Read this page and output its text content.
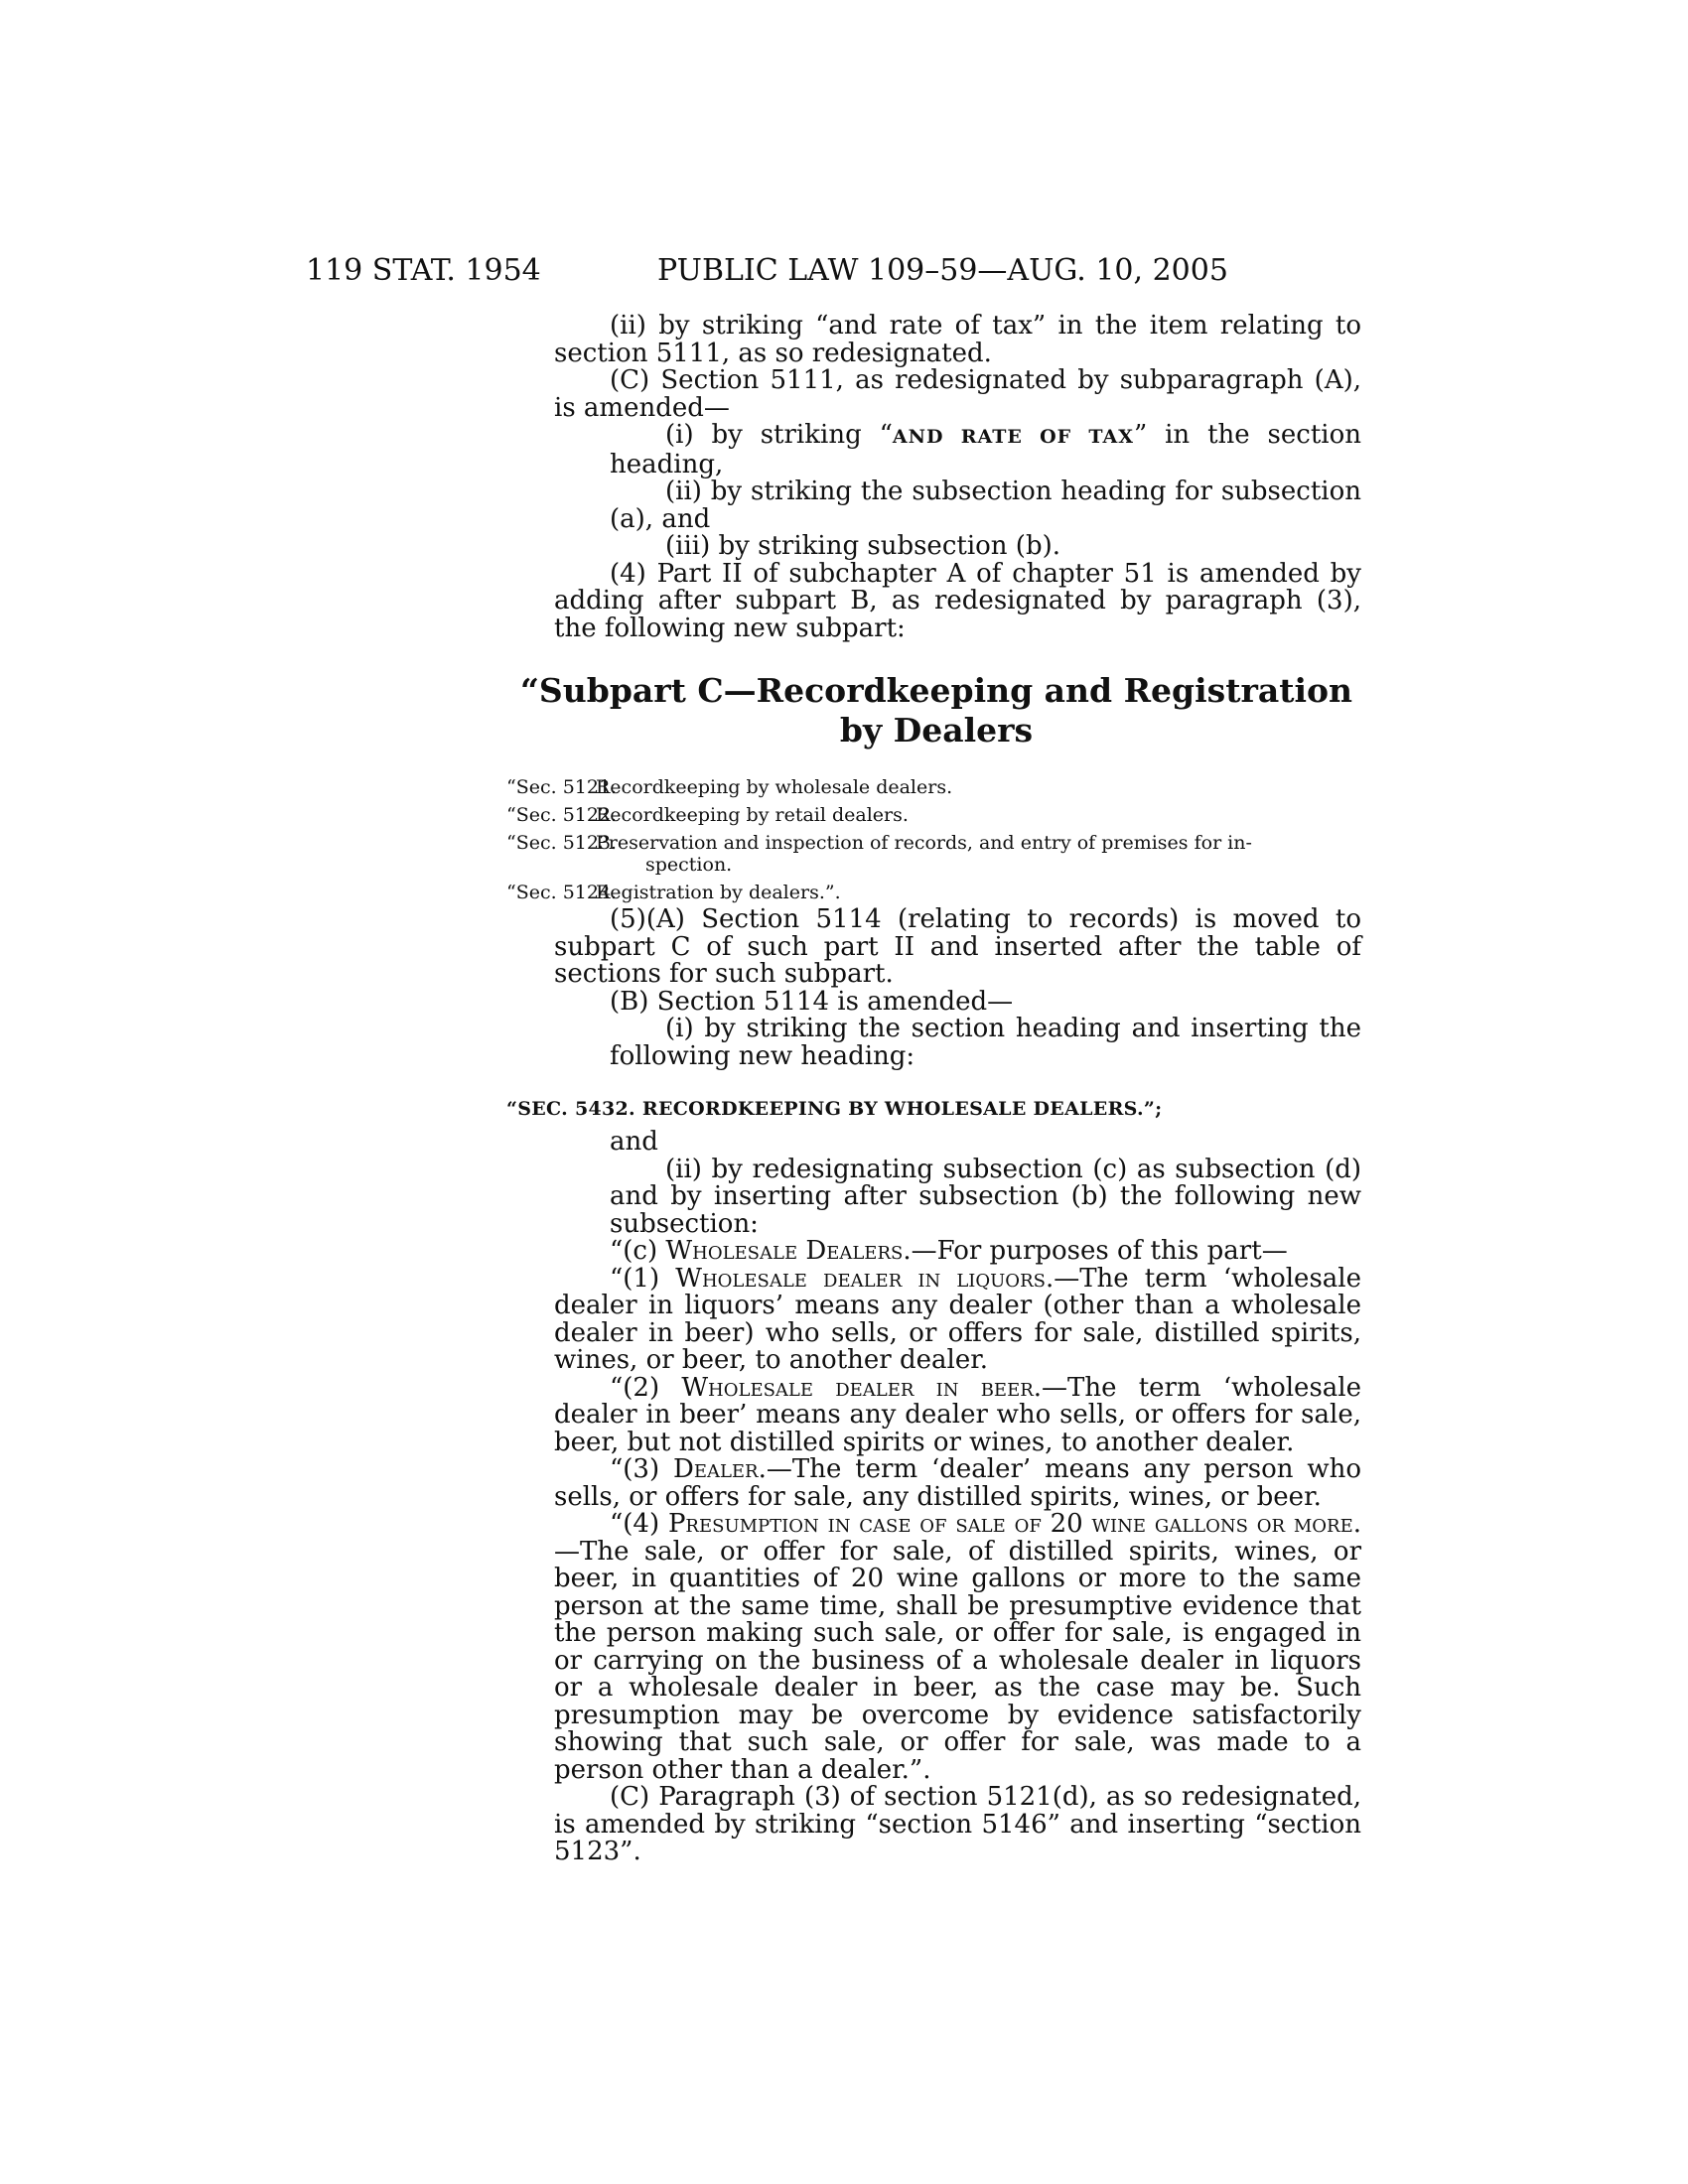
119 STAT. 1954	PUBLIC LAW 109–59—AUG. 10, 2005

(ii) by striking “and rate of tax” in the item relating to section 5111, as so redesignated.

(C) Section 5111, as redesignated by subparagraph (A), is amended—

(i) by striking “AND RATE OF TAX” in the section heading,

(ii) by striking the subsection heading for subsection (a), and

(iii) by striking subsection (b).

(4) Part II of subchapter A of chapter 51 is amended by adding after subpart B, as redesignated by paragraph (3), the following new subpart:

“Subpart C—Recordkeeping and Registration by Dealers
“Sec. 5121.
Recordkeeping by wholesale dealers.
“Sec. 5122.
Recordkeeping by retail dealers.
“Sec. 5123.
Preservation and inspection of records, and entry of premises for in-
spection.
“Sec. 5124.
Registration by dealers.”.

(5)(A) Section 5114 (relating to records) is moved to subpart C of such part II and inserted after the table of sections for such subpart.

(B) Section 5114 is amended—

(i) by striking the section heading and inserting the following new heading:

“SEC. 5432. RECORDKEEPING BY WHOLESALE DEALERS.”;

and

(ii) by redesignating subsection (c) as subsection (d) and by inserting after subsection (b) the following new subsection:

“(c) Wholesale Dealers.—For purposes of this part—

“(1) Wholesale dealer in liquors.—The term ‘wholesale dealer in liquors’ means any dealer (other than a wholesale dealer in beer) who sells, or offers for sale, distilled spirits, wines, or beer, to another dealer.

“(2) Wholesale dealer in beer.—The term ‘wholesale dealer in beer’ means any dealer who sells, or offers for sale, beer, but not distilled spirits or wines, to another dealer.

“(3) Dealer.—The term ‘dealer’ means any person who sells, or offers for sale, any distilled spirits, wines, or beer.

“(4) Presumption in case of sale of 20 wine gallons or more.—The sale, or offer for sale, of distilled spirits, wines, or beer, in quantities of 20 wine gallons or more to the same person at the same time, shall be presumptive evidence that the person making such sale, or offer for sale, is engaged in or carrying on the business of a wholesale dealer in liquors or a wholesale dealer in beer, as the case may be. Such presumption may be overcome by evidence satisfactorily showing that such sale, or offer for sale, was made to a person other than a dealer.”.

(C) Paragraph (3) of section 5121(d), as so redesignated, is amended by striking “section 5146” and inserting “section 5123”.
